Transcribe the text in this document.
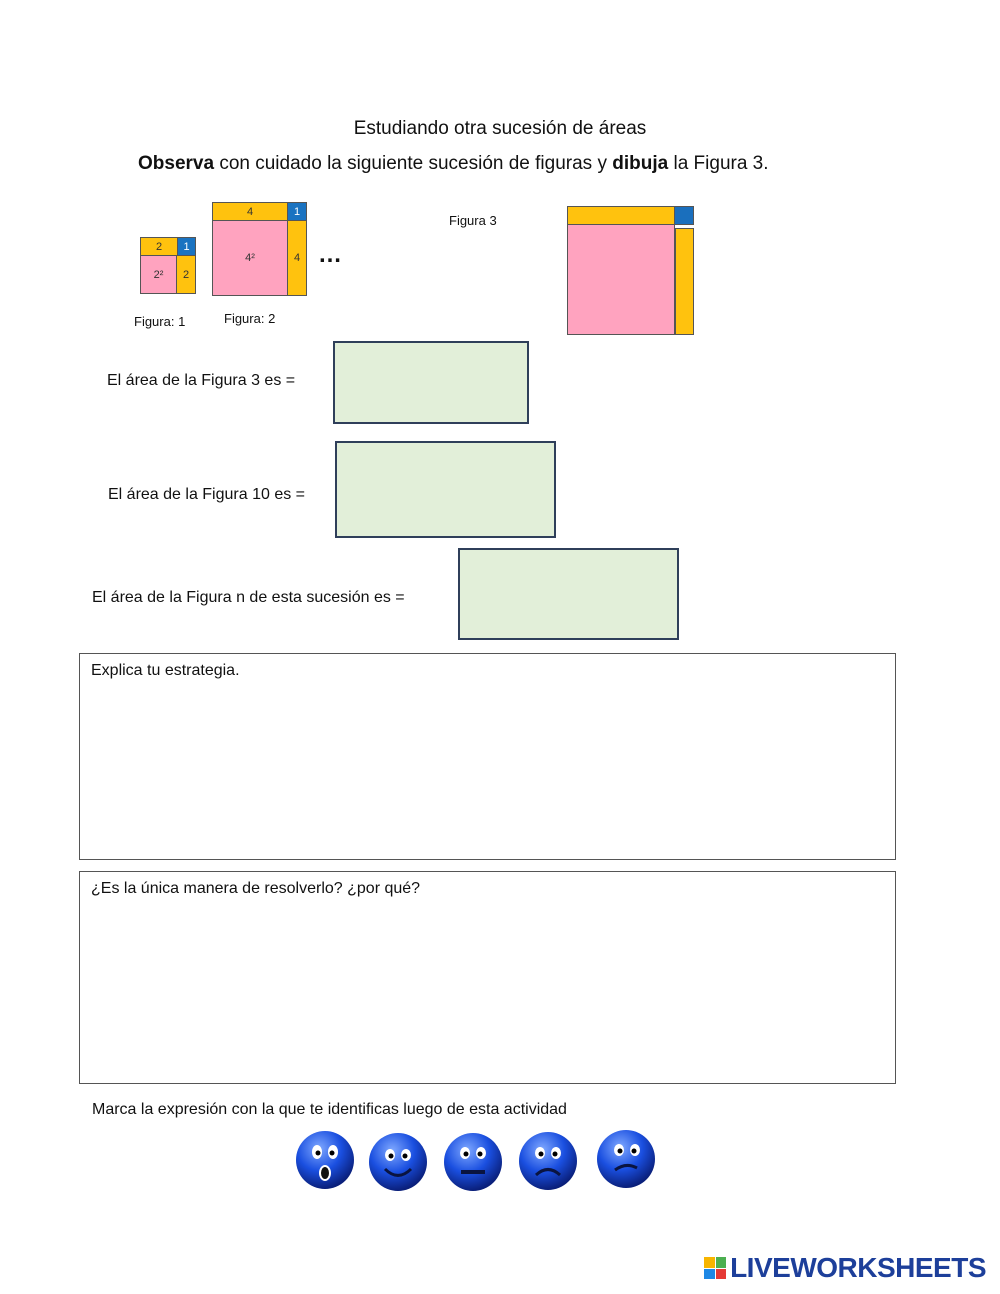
Estudiando otra sucesión de áreas
Observa con cuidado la siguiente sucesión de figuras y dibuja la Figura 3.
2 1
2² 2
Figura: 1
4	1
4²	4
Figura: 2
…
Figura 3
El área de la Figura 3 es =
El área de la Figura 10 es =
El área de la Figura n de esta sucesión es =
Explica tu estrategia.
¿Es la única manera de resolverlo? ¿por qué?
Marca la expresión con la que te identificas luego de esta actividad
LIVEWORKSHEETS
